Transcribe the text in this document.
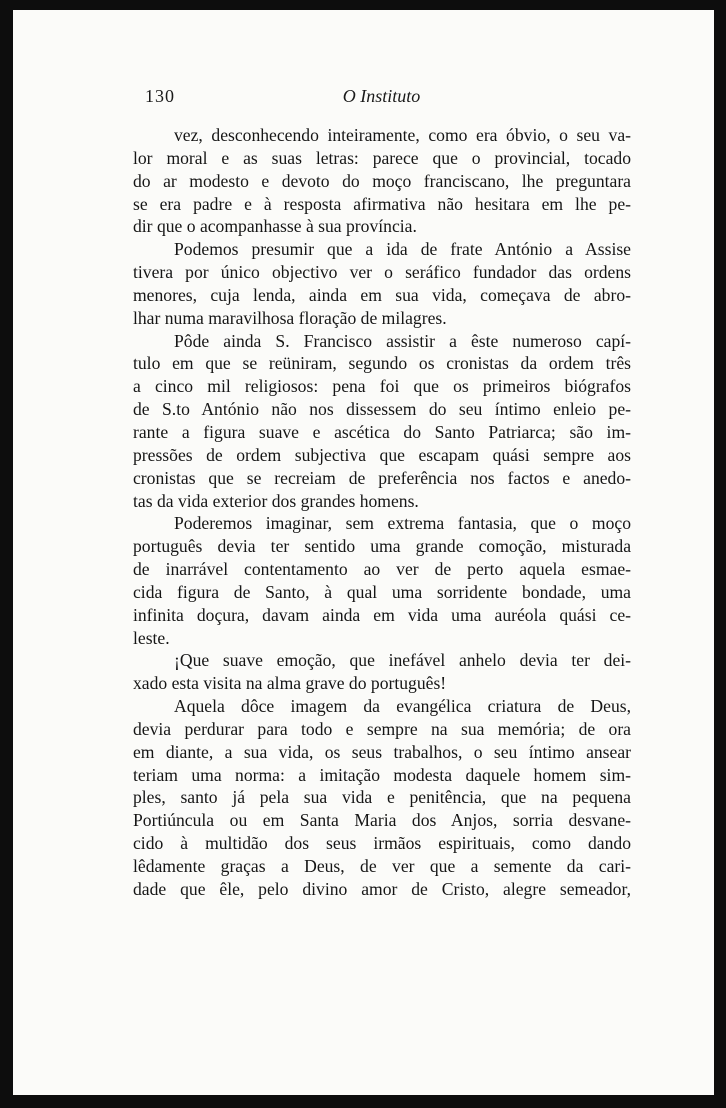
130	O Instituto
vez, desconhecendo inteiramente, como era óbvio, o seu va-
lor moral e as suas letras: parece que o provincial, tocado
do ar modesto e devoto do moço franciscano, lhe preguntara
se era padre e à resposta afirmativa não hesitara em lhe pe-
dir que o acompanhasse à sua província.
Podemos presumir que a ida de frate António a Assise
tivera por único objectivo ver o seráfico fundador das ordens
menores, cuja lenda, ainda em sua vida, começava de abro-
lhar numa maravilhosa floração de milagres.
Pôde ainda S. Francisco assistir a êste numeroso capí-
tulo em que se reüniram, segundo os cronistas da ordem três
a cinco mil religiosos: pena foi que os primeiros biógrafos
de S.to António não nos dissessem do seu íntimo enleio pe-
rante a figura suave e ascética do Santo Patriarca; são im-
pressões de ordem subjectiva que escapam quási sempre aos
cronistas que se recreiam de preferência nos factos e anedo-
tas da vida exterior dos grandes homens.
Poderemos imaginar, sem extrema fantasia, que o moço
português devia ter sentido uma grande comoção, misturada
de inarrável contentamento ao ver de perto aquela esmae-
cida figura de Santo, à qual uma sorridente bondade, uma
infinita doçura, davam ainda em vida uma auréola quási ce-
leste.
¡Que suave emoção, que inefável anhelo devia ter dei-
xado esta visita na alma grave do português!
Aquela dôce imagem da evangélica criatura de Deus,
devia perdurar para todo e sempre na sua memória; de ora
em diante, a sua vida, os seus trabalhos, o seu íntimo ansear
teriam uma norma: a imitação modesta daquele homem sim-
ples, santo já pela sua vida e penitência, que na pequena
Portiúncula ou em Santa Maria dos Anjos, sorria desvane-
cido à multidão dos seus irmãos espirituais, como dando
lêdamente graças a Deus, de ver que a semente da cari-
dade que êle, pelo divino amor de Cristo, alegre semeador,
